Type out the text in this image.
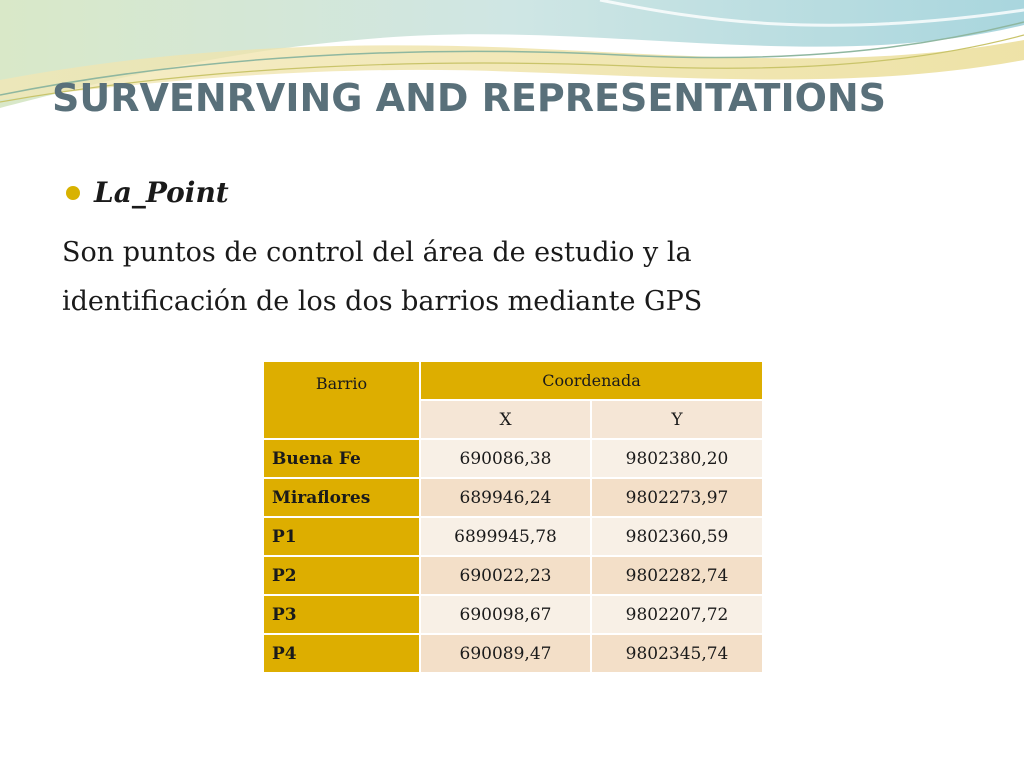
SURVENRVING AND REPRESENTATIONS
La_Point
Son puntos de control del área de estudio y la
identificación de los dos barrios mediante GPS
Barrio	Coordenada	
	X	Y
Buena Fe	690086,38	9802380,20
Miraflores	689946,24	9802273,97
P1	6899945,78	9802360,59
P2	690022,23	9802282,74
P3	690098,67	9802207,72
P4	690089,47	9802345,74
